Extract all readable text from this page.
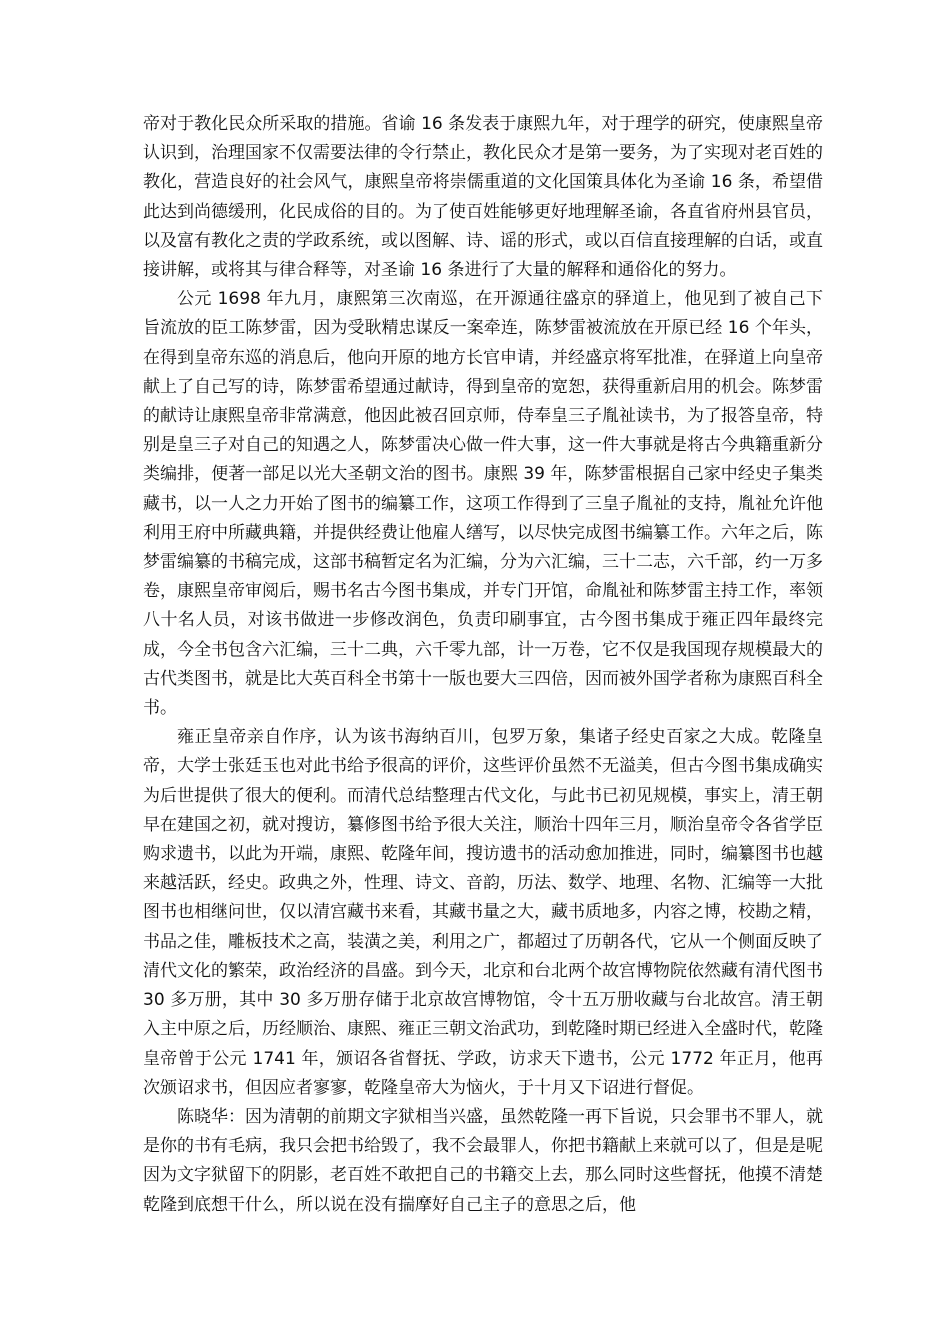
帝对于教化民众所采取的措施。省谕 16 条发表于康熙九年，对于理学的研究，使康熙皇帝认识到，治理国家不仅需要法律的令行禁止，教化民众才是第一要务，为了实现对老百姓的教化，营造良好的社会风气，康熙皇帝将崇儒重道的文化国策具体化为圣谕 16 条，希望借此达到尚德缓刑，化民成俗的目的。为了使百姓能够更好地理解圣谕，各直省府州县官员，以及富有教化之责的学政系统，或以图解、诗、谣的形式，或以百信直接理解的白话，或直接讲解，或将其与律合释等，对圣谕 16 条进行了大量的解释和通俗化的努力。

公元 1698 年九月，康熙第三次南巡，在开源通往盛京的驿道上，他见到了被自己下旨流放的臣工陈梦雷，因为受耿精忠谋反一案牵连，陈梦雷被流放在开原已经 16 个年头，在得到皇帝东巡的消息后，他向开原的地方长官申请，并经盛京将军批准，在驿道上向皇帝献上了自己写的诗，陈梦雷希望通过献诗，得到皇帝的宽恕，获得重新启用的机会。陈梦雷的献诗让康熙皇帝非常满意，他因此被召回京师，侍奉皇三子胤祉读书，为了报答皇帝，特别是皇三子对自己的知遇之人，陈梦雷决心做一件大事，这一件大事就是将古今典籍重新分类编排，便著一部足以光大圣朝文治的图书。康熙 39 年，陈梦雷根据自己家中经史子集类藏书，以一人之力开始了图书的编纂工作，这项工作得到了三皇子胤祉的支持，胤祉允许他利用王府中所藏典籍，并提供经费让他雇人缮写，以尽快完成图书编纂工作。六年之后，陈梦雷编纂的书稿完成，这部书稿暂定名为汇编，分为六汇编，三十二志，六千部，约一万多卷，康熙皇帝审阅后，赐书名古今图书集成，并专门开馆，命胤祉和陈梦雷主持工作，率领八十名人员，对该书做进一步修改润色，负责印刷事宜，古今图书集成于雍正四年最终完成，今全书包含六汇编，三十二典，六千零九部，计一万卷，它不仅是我国现存规模最大的古代类图书，就是比大英百科全书第十一版也要大三四倍，因而被外国学者称为康熙百科全书。

雍正皇帝亲自作序，认为该书海纳百川，包罗万象，集诸子经史百家之大成。乾隆皇帝，大学士张廷玉也对此书给予很高的评价，这些评价虽然不无溢美，但古今图书集成确实为后世提供了很大的便利。而清代总结整理古代文化，与此书已初见规模，事实上，清王朝早在建国之初，就对搜访，纂修图书给予很大关注，顺治十四年三月，顺治皇帝令各省学臣购求遗书，以此为开端，康熙、乾隆年间，搜访遗书的活动愈加推进，同时，编纂图书也越来越活跃，经史。政典之外，性理、诗文、音韵，历法、数学、地理、名物、汇编等一大批图书也相继问世，仅以清宫藏书来看，其藏书量之大，藏书质地多，内容之博，校勘之精，书品之佳，雕板技术之高，装潢之美，利用之广，都超过了历朝各代，它从一个侧面反映了清代文化的繁荣，政治经济的昌盛。到今天，北京和台北两个故宫博物院依然藏有清代图书 30 多万册，其中 30 多万册存储于北京故宫博物馆，令十五万册收藏与台北故宫。清王朝入主中原之后，历经顺治、康熙、雍正三朝文治武功，到乾隆时期已经进入全盛时代，乾隆皇帝曾于公元 1741 年，颁诏各省督抚、学政，访求天下遗书，公元 1772 年正月，他再次颁诏求书，但因应者寥寥，乾隆皇帝大为恼火，于十月又下诏进行督促。

陈晓华：因为清朝的前期文字狱相当兴盛，虽然乾隆一再下旨说，只会罪书不罪人，就是你的书有毛病，我只会把书给毁了，我不会最罪人，你把书籍献上来就可以了，但是是呢因为文字狱留下的阴影，老百姓不敢把自己的书籍交上去，那么同时这些督抚，他摸不清楚乾隆到底想干什么，所以说在没有揣摩好自己主子的意思之后，他
